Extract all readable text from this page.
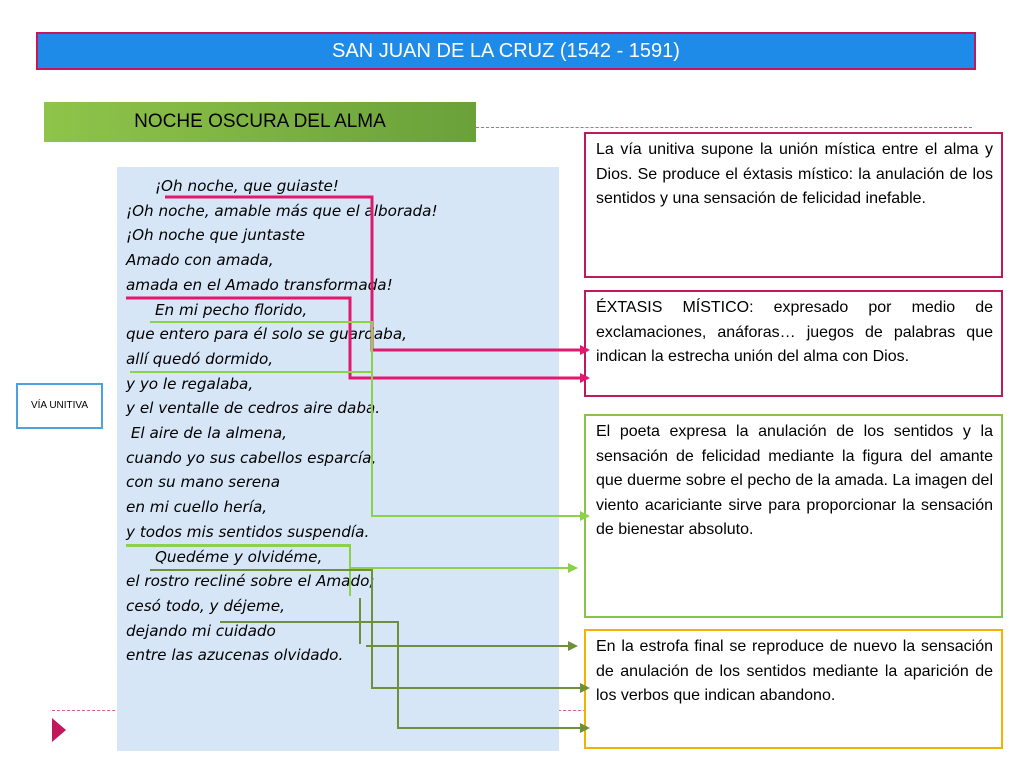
SAN JUAN DE LA CRUZ (1542 - 1591)
NOCHE OSCURA DEL ALMA
¡Oh noche, que guiaste!
¡Oh noche, amable más que el alborada!
¡Oh noche que juntaste
Amado con amada,
amada en el Amado transformada!
En mi pecho florido,
que entero para él solo se guardaba,
allí quedó dormido,
y yo le regalaba,
y el ventalle de cedros aire daba.
El aire de la almena,
cuando yo sus cabellos esparcía,
con su mano serena
en mi cuello hería,
y todos mis sentidos suspendía.
Quedéme y olvidéme,
el rostro recliné sobre el Amado;
cesó todo, y déjeme,
dejando mi cuidado
entre las azucenas olvidado.
VÍA UNITIVA
La vía unitiva supone la unión mística entre el alma y Dios. Se produce el éxtasis místico: la anulación de los sentidos y una sensación de felicidad inefable.
ÉXTASIS MÍSTICO: expresado por medio de exclamaciones, anáforas… juegos de palabras que indican la estrecha unión del alma con Dios.
El poeta expresa la anulación de los sentidos y la sensación de felicidad mediante la figura del amante que duerme sobre el pecho de la amada. La imagen del viento acariciante sirve para proporcionar la sensación de bienestar absoluto.
En la estrofa final se reproduce de nuevo la sensación de anulación de los sentidos mediante la aparición de los verbos que indican abandono.
